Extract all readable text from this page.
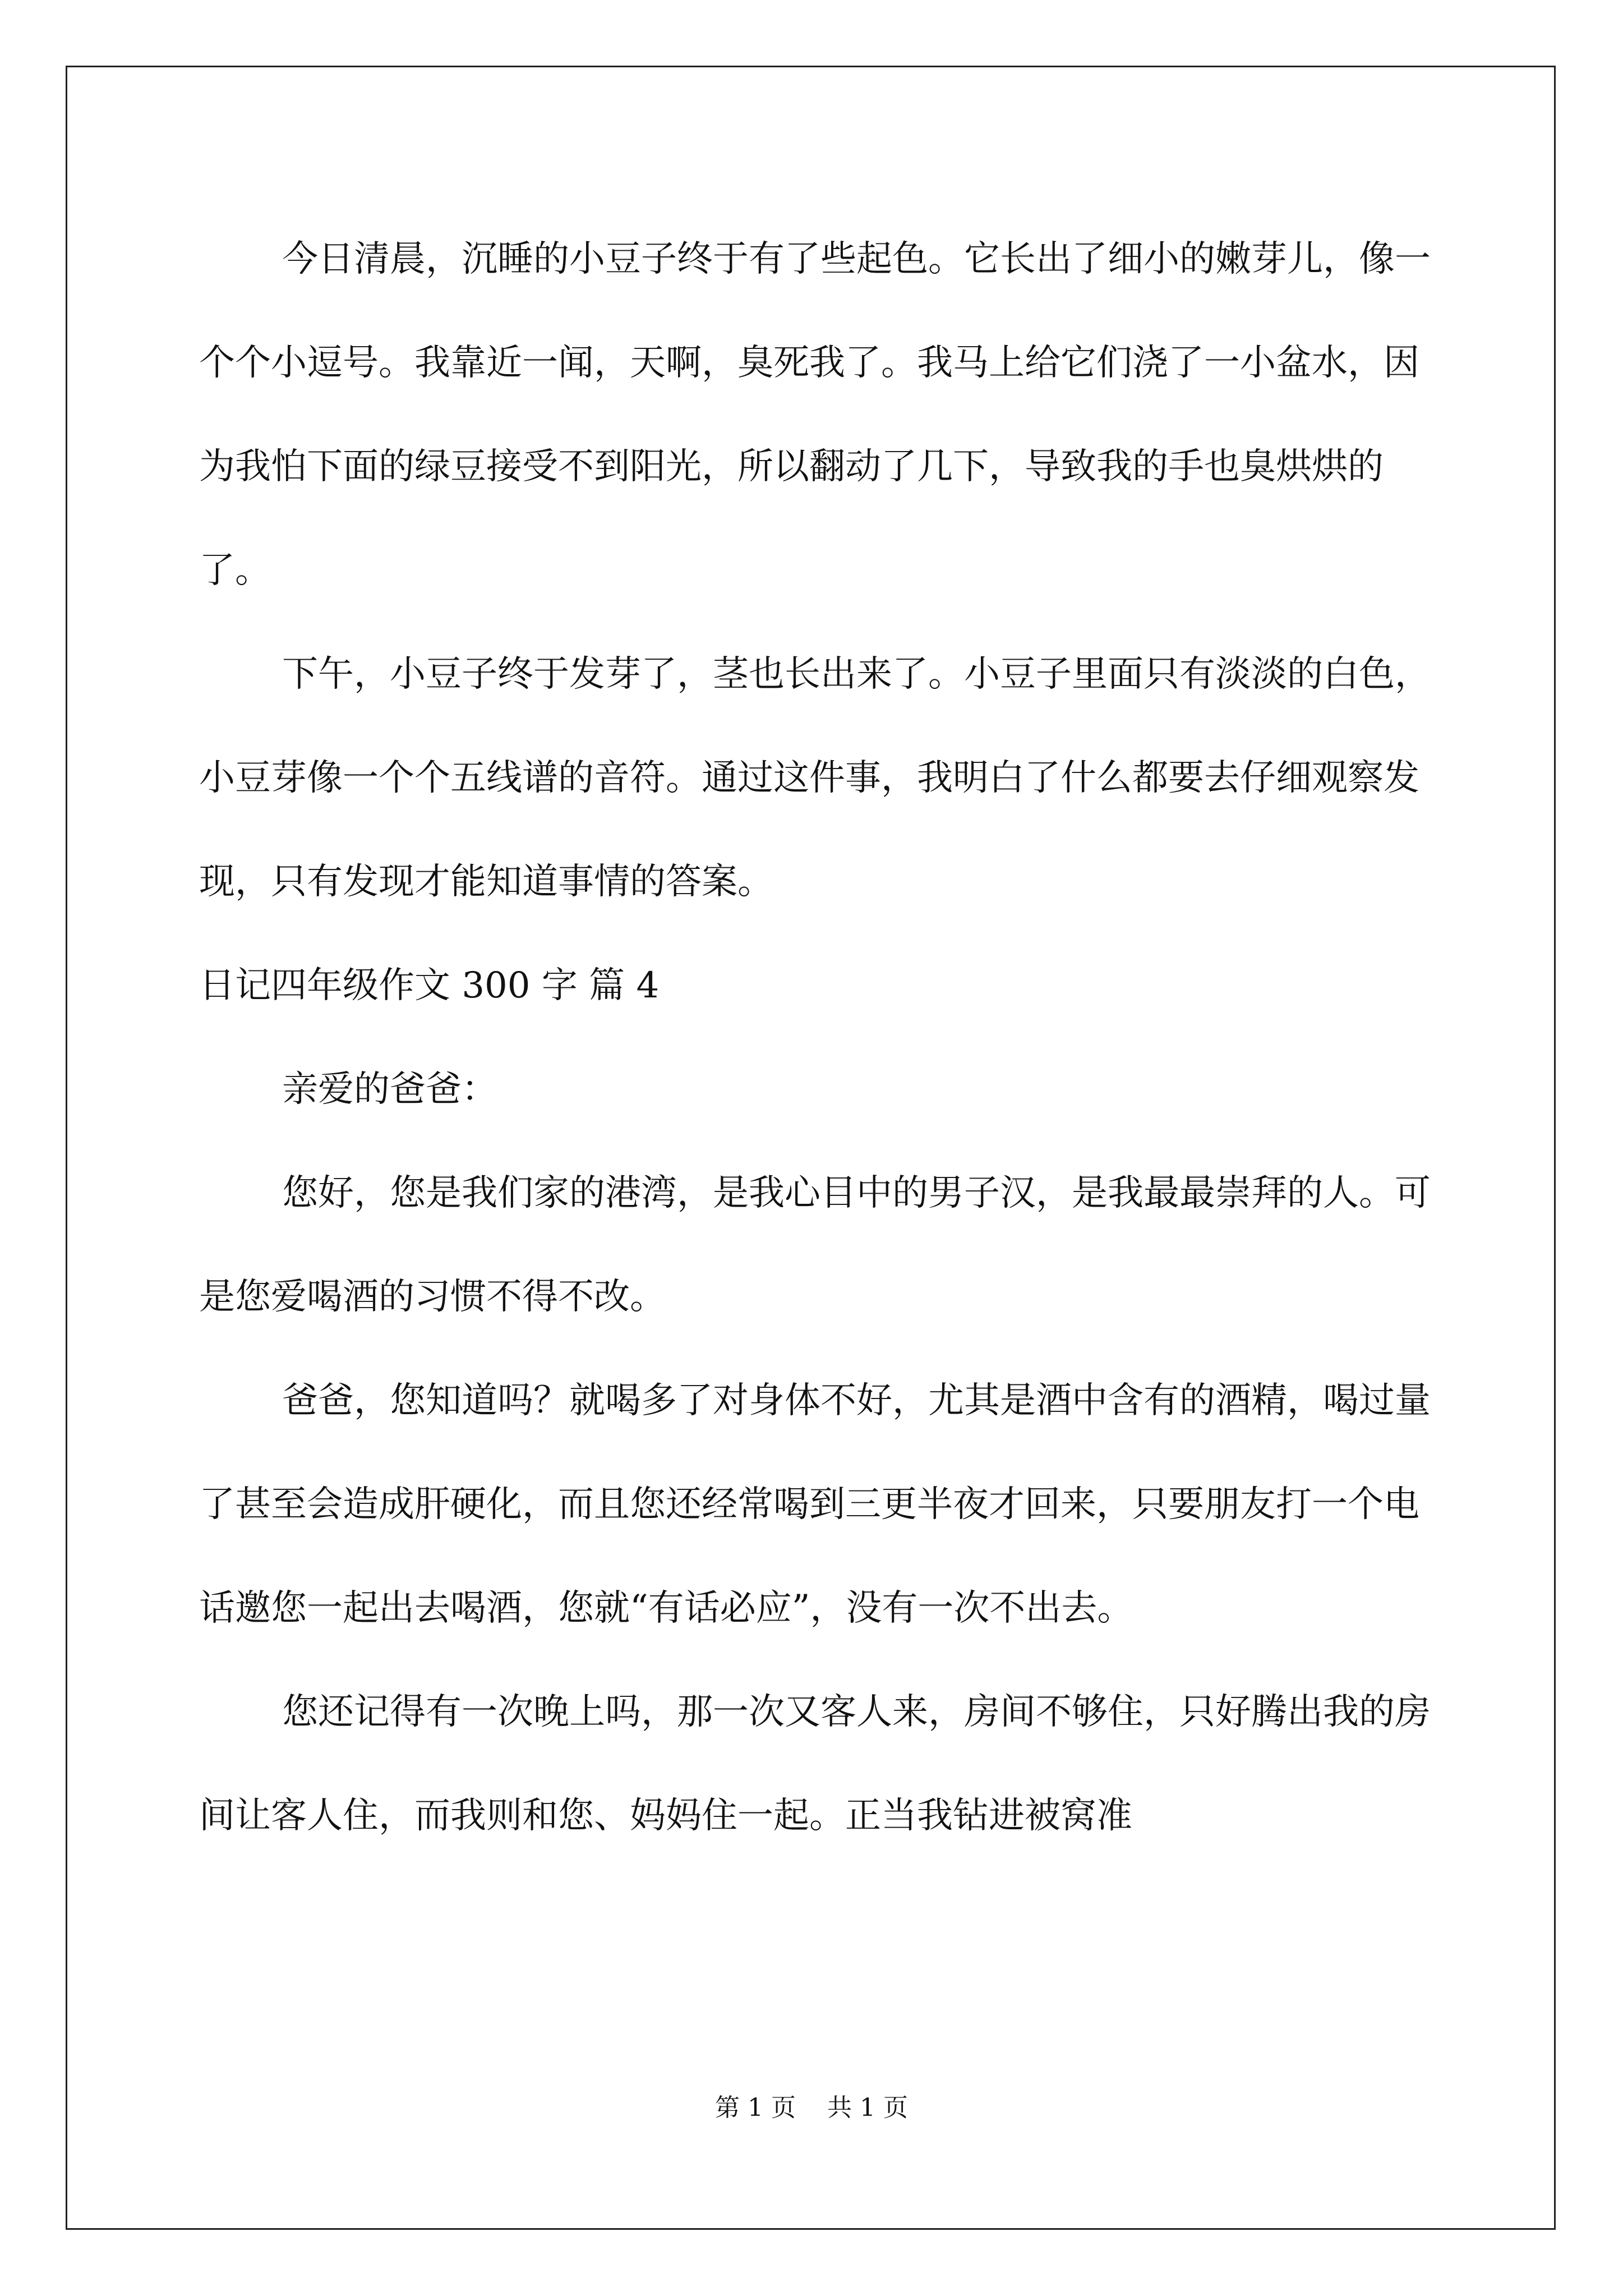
今日清晨，沉睡的小豆子终于有了些起色。它长出了细小的嫩芽儿，像一个个小逗号。我靠近一闻，天啊，臭死我了。我马上给它们浇了一小盆水，因为我怕下面的绿豆接受不到阳光，所以翻动了几下，导致我的手也臭烘烘的了。

下午，小豆子终于发芽了，茎也长出来了。小豆子里面只有淡淡的白色，小豆芽像一个个五线谱的音符。通过这件事，我明白了什么都要去仔细观察发现，只有发现才能知道事情的答案。

日记四年级作文 300 字 篇 4

亲爱的爸爸：

您好，您是我们家的港湾，是我心目中的男子汉，是我最最崇拜的人。可是您爱喝酒的习惯不得不改。

爸爸，您知道吗？就喝多了对身体不好，尤其是酒中含有的酒精，喝过量了甚至会造成肝硬化，而且您还经常喝到三更半夜才回来，只要朋友打一个电话邀您一起出去喝酒，您就“有话必应”，没有一次不出去。

您还记得有一次晚上吗，那一次又客人来，房间不够住，只好腾出我的房间让客人住，而我则和您、妈妈住一起。正当我钻进被窝准

第 1 页 共 1 页
